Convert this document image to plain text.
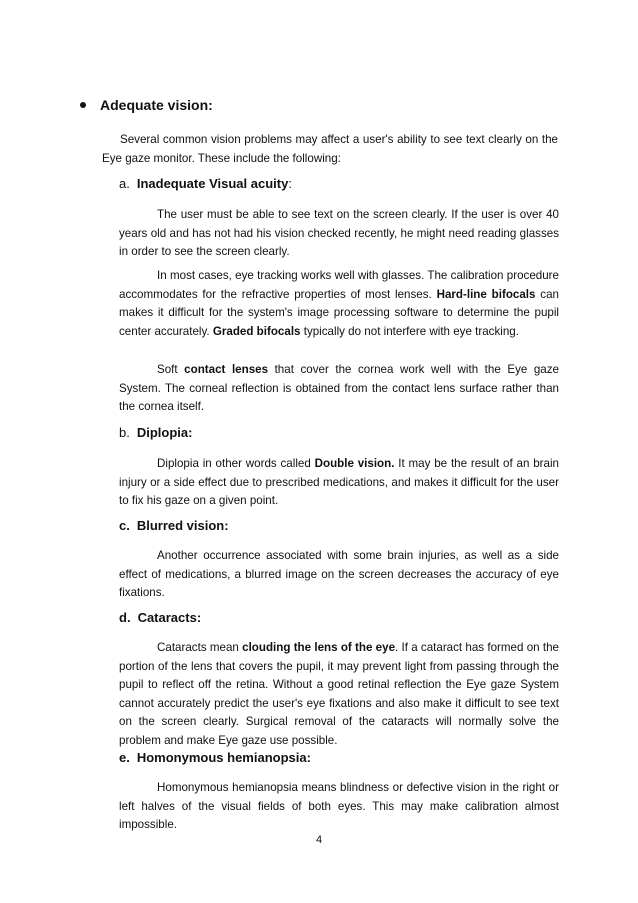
Adequate vision:
Several common vision problems may affect a user's ability to see text clearly on the Eye gaze monitor. These include the following:
a. Inadequate Visual acuity:
The user must be able to see text on the screen clearly. If the user is over 40 years old and has not had his vision checked recently, he might need reading glasses in order to see the screen clearly.
In most cases, eye tracking works well with glasses. The calibration procedure accommodates for the refractive properties of most lenses. Hard-line bifocals can makes it difficult for the system's image processing software to determine the pupil center accurately. Graded bifocals typically do not interfere with eye tracking.
Soft contact lenses that cover the cornea work well with the Eye gaze System. The corneal reflection is obtained from the contact lens surface rather than the cornea itself.
b. Diplopia:
Diplopia in other words called Double vision. It may be the result of an brain injury or a side effect due to prescribed medications, and makes it difficult for the user to fix his gaze on a given point.
c. Blurred vision:
Another occurrence associated with some brain injuries, as well as a side effect of medications, a blurred image on the screen decreases the accuracy of eye fixations.
d. Cataracts:
Cataracts mean clouding the lens of the eye. If a cataract has formed on the portion of the lens that covers the pupil, it may prevent light from passing through the pupil to reflect off the retina. Without a good retinal reflection the Eye gaze System cannot accurately predict the user's eye fixations and also make it difficult to see text on the screen clearly. Surgical removal of the cataracts will normally solve the problem and make Eye gaze use possible.
e. Homonymous hemianopsia:
Homonymous hemianopsia means blindness or defective vision in the right or left halves of the visual fields of both eyes. This may make calibration almost impossible.
4
